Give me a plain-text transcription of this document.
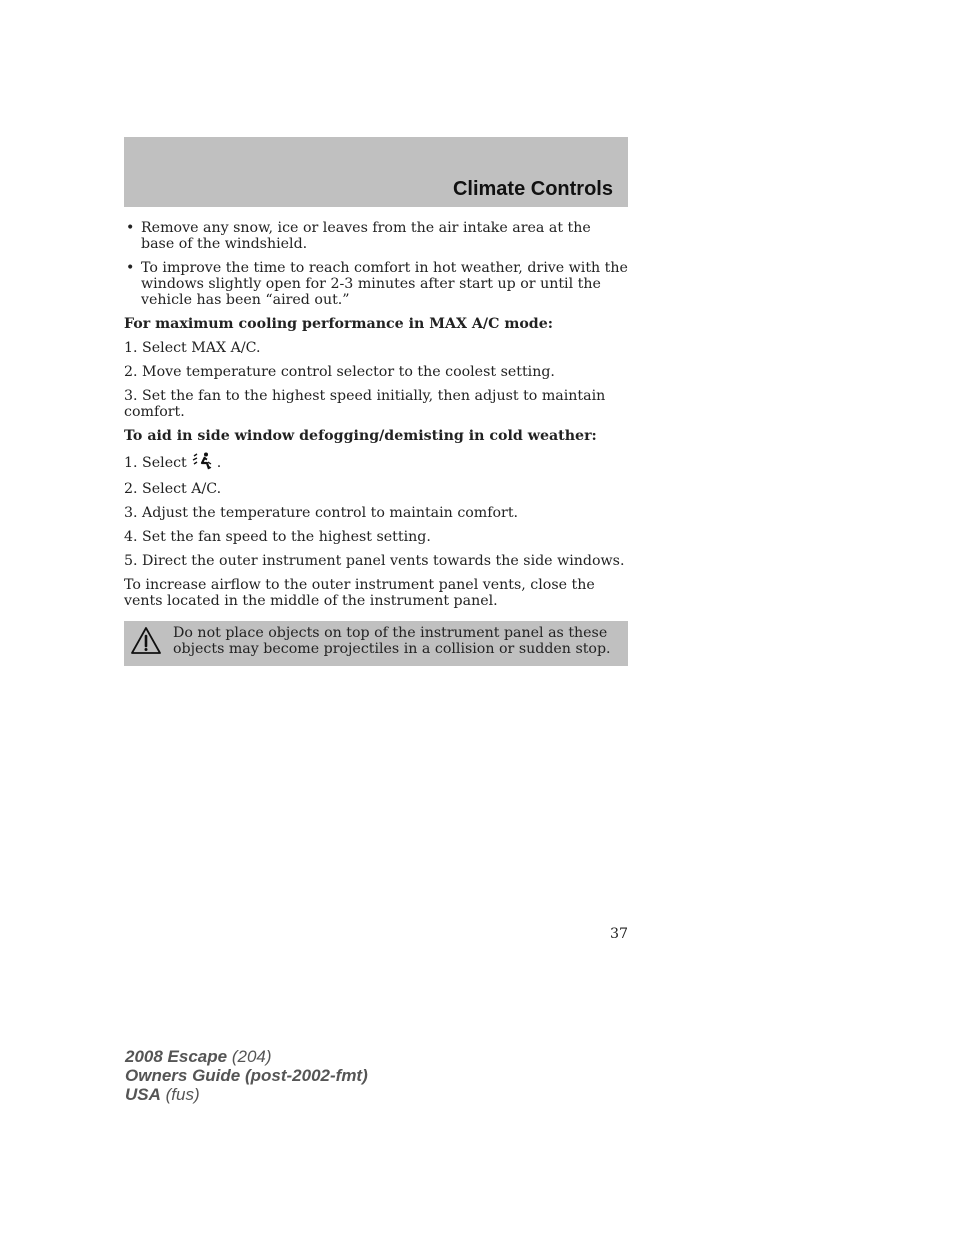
Climate Controls
• Remove any snow, ice or leaves from the air intake area at the base of the windshield.
• To improve the time to reach comfort in hot weather, drive with the windows slightly open for 2-3 minutes after start up or until the vehicle has been “aired out.”

For maximum cooling performance in MAX A/C mode:

1. Select MAX A/C.

2. Move temperature control selector to the coolest setting.

3. Set the fan to the highest speed initially, then adjust to maintain comfort.

To aid in side window defogging/demisting in cold weather:

1. Select .

2. Select A/C.

3. Adjust the temperature control to maintain comfort.

4. Set the fan speed to the highest setting.

5. Direct the outer instrument panel vents towards the side windows.

To increase airflow to the outer instrument panel vents, close the vents located in the middle of the instrument panel.

Do not place objects on top of the instrument panel as these objects may become projectiles in a collision or sudden stop.
37
2008 Escape (204)
Owners Guide (post-2002-fmt)
USA (fus)
